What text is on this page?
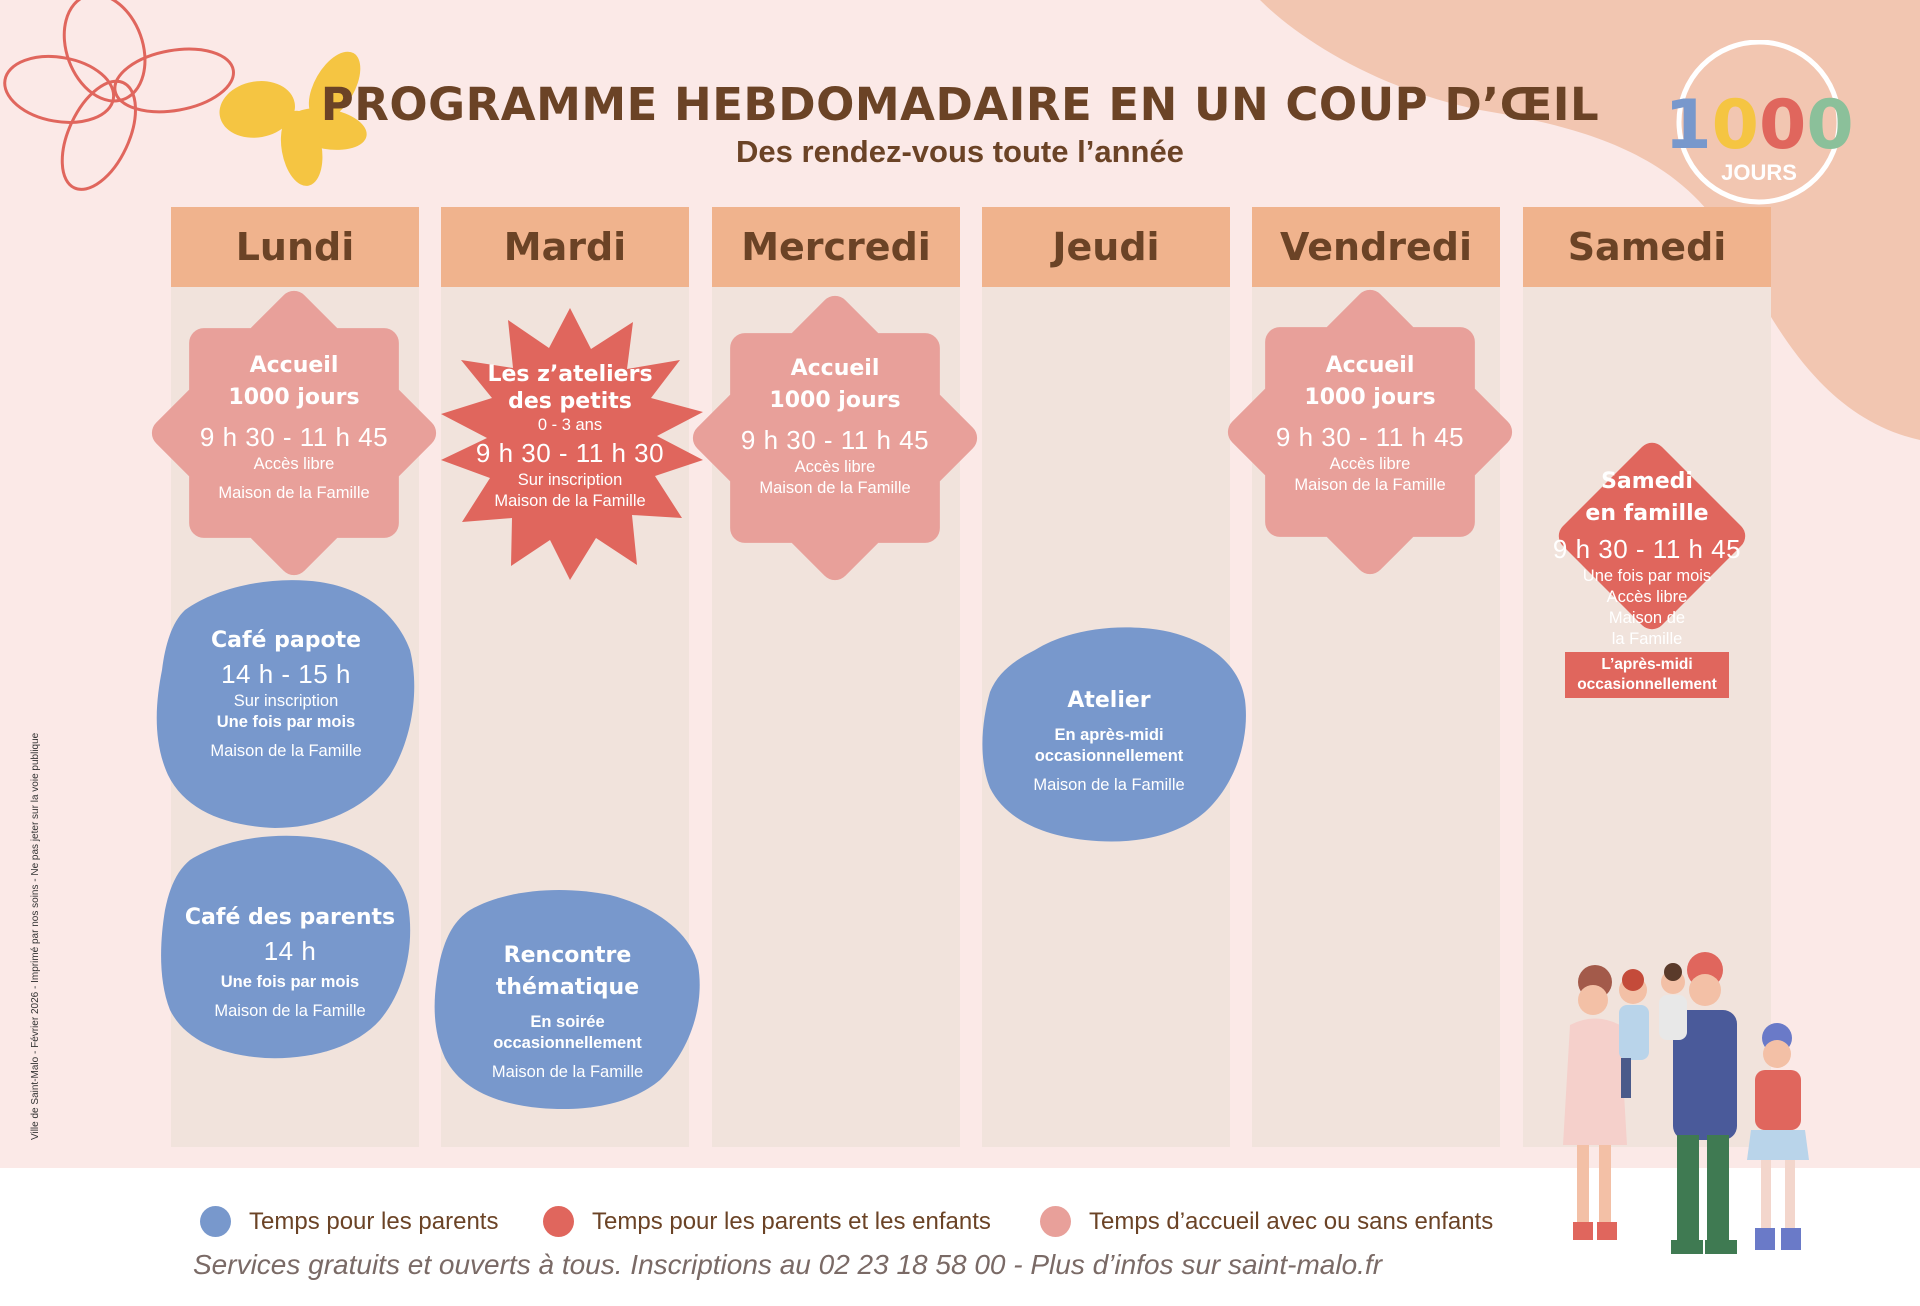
1000
JOURS
PROGRAMME HEBDOMADAIRE EN UN COUP D’ŒIL
Des rendez-vous toute l’année
Lundi	Mardi	Mercredi	Jeudi	Vendredi	Samedi
Accueil
1000 jours
9 h 30 - 11 h 45
Accès libre
Maison de la Famille
Café papote
14 h - 15 h
Sur inscription
Une fois par mois
Maison de la Famille
Café des parents
14 h
Une fois par mois
Maison de la Famille
Les z’ateliers
des petits
0 - 3 ans
9 h 30 - 11 h 30
Sur inscription
Maison de la Famille
Rencontre
thématique
En soirée
occasionnellement
Maison de la Famille
Accueil
1000 jours
9 h 30 - 11 h 45
Accès libre
Maison de la Famille
Atelier
En après-midi
occasionnellement
Maison de la Famille
Accueil
1000 jours
9 h 30 - 11 h 45
Accès libre
Maison de la Famille	Samedi
en famille
9 h 30 - 11 h 45
Une fois par mois
Accès libre
Maison de
la Famille
L’après-midi
occasionnellement
Temps pour les parents	Temps pour les parents et les enfants	Temps d’accueil avec ou sans enfants
Services gratuits et ouverts à tous. Inscriptions au 02 23 18 58 00 - Plus d’infos sur saint-malo.fr
Ville de Saint-Malo - Février 2026 - Imprimé par nos soins - Ne pas jeter sur la voie publique
